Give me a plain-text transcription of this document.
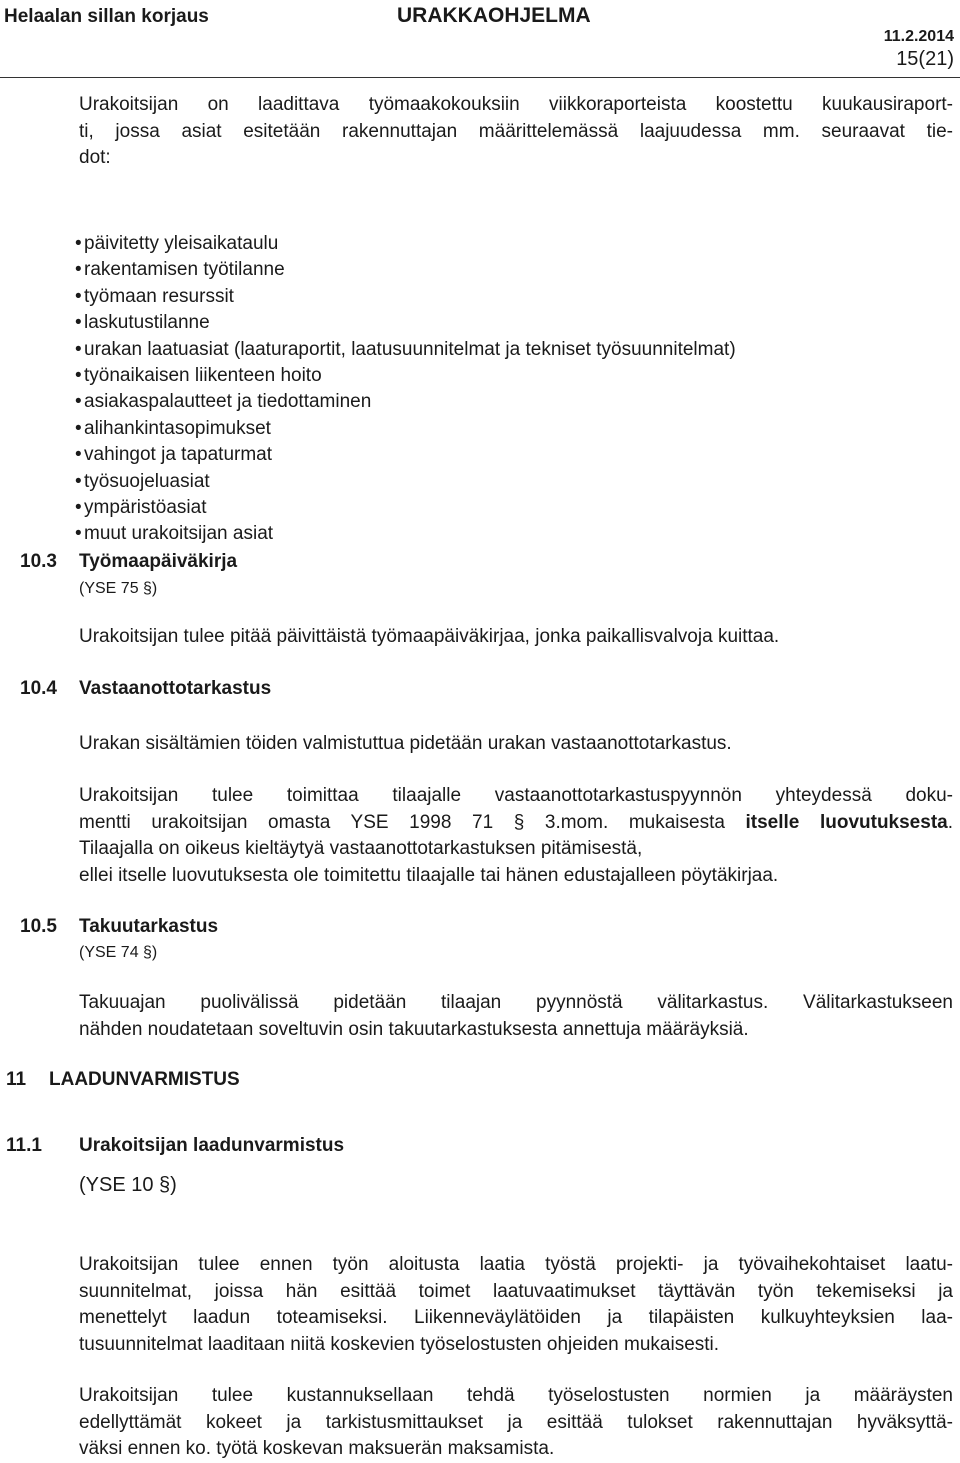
Helaalan sillan korjaus	URAKKAOHJELMA
11.2.2014
15(21)
Urakoitsijan on laadittava työmaakokouksiin viikkoraporteista koostettu kuukausiraport-
ti, jossa asiat esitetään rakennuttajan määrittelemässä laajuudessa mm. seuraavat tie-
dot:
• päivitetty yleisaikataulu
• rakentamisen työtilanne
• työmaan resurssit
• laskutustilanne
• urakan laatuasiat (laaturaportit, laatusuunnitelmat ja tekniset työsuunnitelmat)
• työnaikaisen liikenteen hoito
• asiakaspalautteet ja tiedottaminen
• alihankintasopimukset
• vahingot ja tapaturmat
• työsuojeluasiat
• ympäristöasiat
• muut urakoitsijan asiat
10.3 Työmaapäiväkirja
(YSE 75 §)
Urakoitsijan tulee pitää päivittäistä työmaapäiväkirjaa, jonka paikallisvalvoja kuittaa.
10.4 Vastaanottotarkastus
Urakan sisältämien töiden valmistuttua pidetään urakan vastaanottotarkastus.
Urakoitsijan tulee toimittaa tilaajalle vastaanottotarkastuspyynnön yhteydessä doku-
mentti urakoitsijan omasta YSE 1998 71 § 3.mom. mukaisesta itselle luovutuksesta.
Tilaajalla on oikeus kieltäytyä vastaanottotarkastuksen pitämisestä,
ellei itselle luovutuksesta ole toimitettu tilaajalle tai hänen edustajalleen pöytäkirjaa.
10.5 Takuutarkastus
(YSE 74 §)
Takuuajan puolivälissä pidetään tilaajan pyynnöstä välitarkastus. Välitarkastukseen
nähden noudatetaan soveltuvin osin takuutarkastuksesta annettuja määräyksiä.
11 LAADUNVARMISTUS
11.1 Urakoitsijan laadunvarmistus
(YSE 10 §)
Urakoitsijan tulee ennen työn aloitusta laatia työstä projekti- ja työvaihekohtaiset laatu-
suunnitelmat, joissa hän esittää toimet laatuvaatimukset täyttävän työn tekemiseksi ja
menettelyt laadun toteamiseksi. Liikenneväylätöiden ja tilapäisten kulkuyhteyksien laa-
tusuunnitelmat laaditaan niitä koskevien työselostusten ohjeiden mukaisesti.
Urakoitsijan tulee kustannuksellaan tehdä työselostusten normien ja määräysten
edellyttämät kokeet ja tarkistusmittaukset ja esittää tulokset rakennuttajan hyväksyttä-
väksi ennen ko. työtä koskevan maksuerän maksamista.
